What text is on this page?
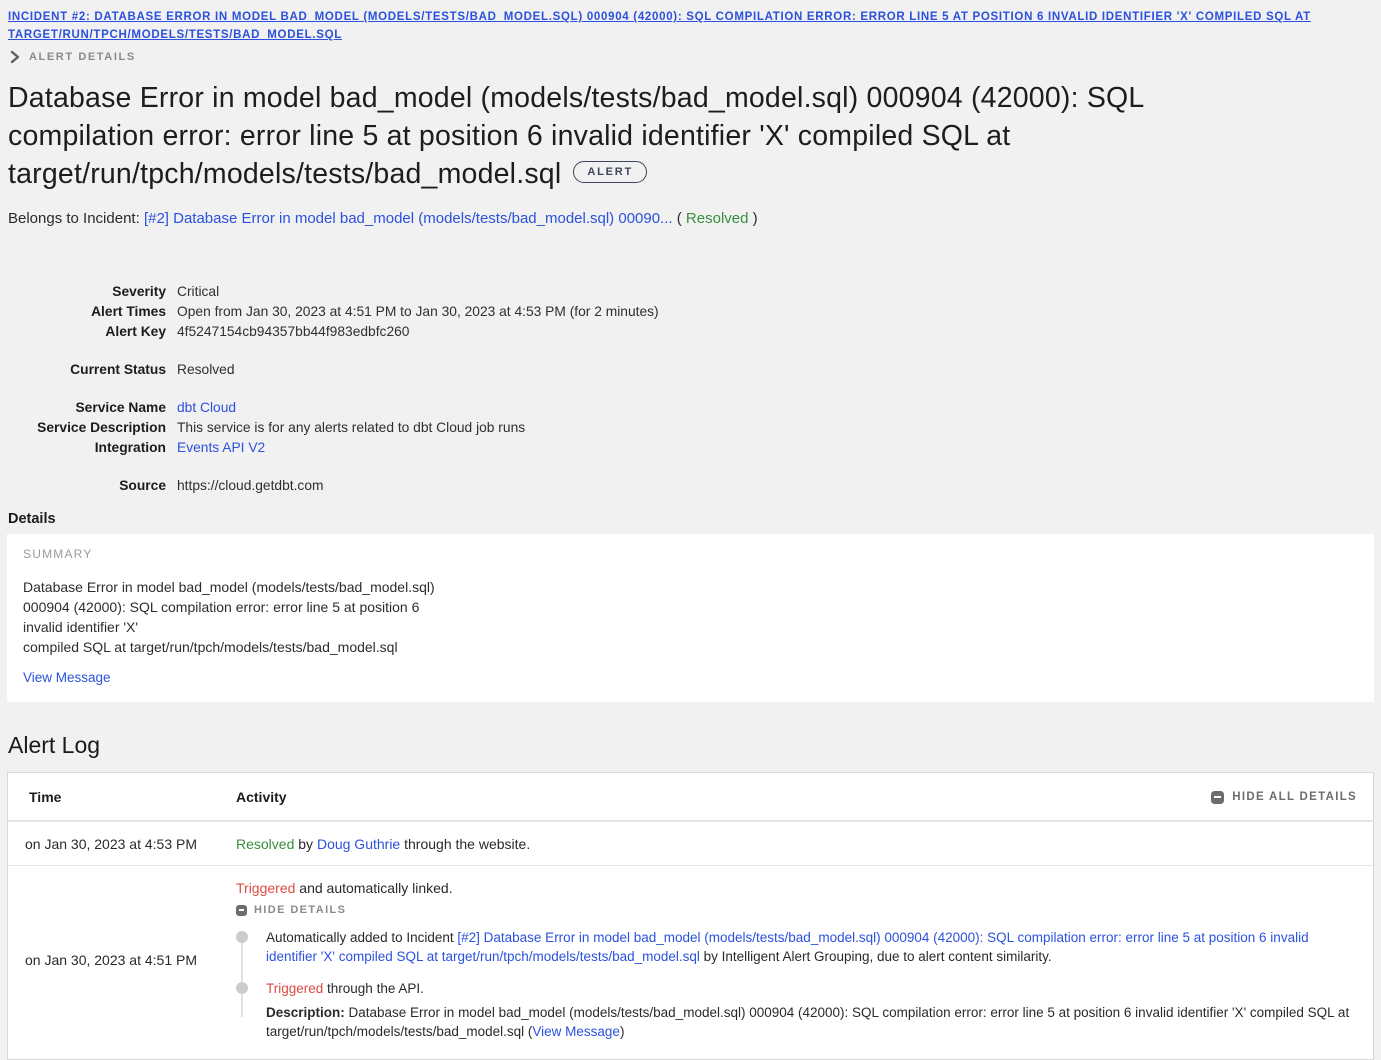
INCIDENT #2: DATABASE ERROR IN MODEL BAD_MODEL (MODELS/TESTS/BAD_MODEL.SQL) 000904 (42000): SQL COMPILATION ERROR: ERROR LINE 5 AT POSITION 6 INVALID IDENTIFIER 'X' COMPILED SQL AT TARGET/RUN/TPCH/MODELS/TESTS/BAD_MODEL.SQL
ALERT DETAILS
Database Error in model bad_model (models/tests/bad_model.sql) 000904 (42000): SQL compilation error: error line 5 at position 6 invalid identifier 'X' compiled SQL at target/run/tpch/models/tests/bad_model.sql ALERT
Belongs to Incident: [#2] Database Error in model bad_model (models/tests/bad_model.sql) 00090... ( Resolved )
Severity Critical
Alert Times Open from Jan 30, 2023 at 4:51 PM to Jan 30, 2023 at 4:53 PM (for 2 minutes)
Alert Key 4f5247154cb94357bb44f983edbfc260
Current Status Resolved
Service Name dbt Cloud
Service Description This service is for any alerts related to dbt Cloud job runs
Integration Events API V2
Source https://cloud.getdbt.com
Details
SUMMARY
Database Error in model bad_model (models/tests/bad_model.sql)
000904 (42000): SQL compilation error: error line 5 at position 6
invalid identifier 'X'
compiled SQL at target/run/tpch/models/tests/bad_model.sql
View Message
Alert Log
Time	Activity	HIDE ALL DETAILS
on Jan 30, 2023 at 4:53 PM	Resolved by Doug Guthrie through the website.
on Jan 30, 2023 at 4:51 PM
Triggered and automatically linked.
HIDE DETAILS
Automatically added to Incident [#2] Database Error in model bad_model (models/tests/bad_model.sql) 000904 (42000): SQL compilation error: error line 5 at position 6 invalid identifier 'X' compiled SQL at target/run/tpch/models/tests/bad_model.sql by Intelligent Alert Grouping, due to alert content similarity.
Triggered through the API.
Description: Database Error in model bad_model (models/tests/bad_model.sql) 000904 (42000): SQL compilation error: error line 5 at position 6 invalid identifier 'X' compiled SQL at target/run/tpch/models/tests/bad_model.sql (View Message)
